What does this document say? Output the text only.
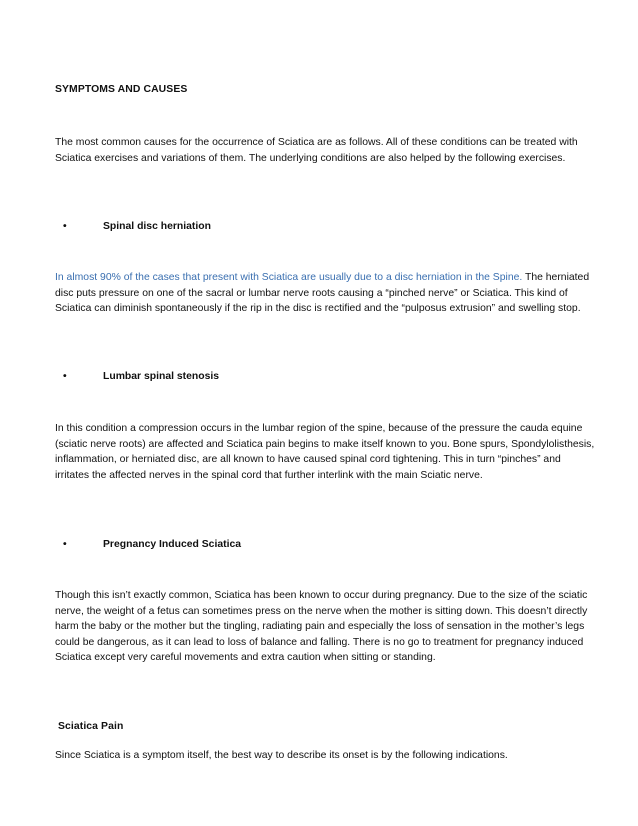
SYMPTOMS AND CAUSES

The most common causes for the occurrence of Sciatica are as follows. All of these conditions can be treated with Sciatica exercises and variations of them. The underlying conditions are also helped by the following exercises.

•	Spinal disc herniation

In almost 90% of the cases that present with Sciatica are usually due to a disc herniation in the Spine. The herniated disc puts pressure on one of the sacral or lumbar nerve roots causing a “pinched nerve” or Sciatica. This kind of Sciatica can diminish spontaneously if the rip in the disc is rectified and the “pulposus extrusion” and swelling stop.

•	Lumbar spinal stenosis

In this condition a compression occurs in the lumbar region of the spine, because of the pressure the cauda equine (sciatic nerve roots) are affected and Sciatica pain begins to make itself known to you. Bone spurs, Spondylolisthesis, inflammation, or herniated disc, are all known to have caused spinal cord tightening. This in turn “pinches” and irritates the affected nerves in the spinal cord that further interlink with the main Sciatic nerve.

•	Pregnancy Induced Sciatica

Though this isn’t exactly common, Sciatica has been known to occur during pregnancy. Due to the size of the sciatic nerve, the weight of a fetus can sometimes press on the nerve when the mother is sitting down. This doesn’t directly harm the baby or the mother but the tingling, radiating pain and especially the loss of sensation in the mother’s legs could be dangerous, as it can lead to loss of balance and falling. There is no go to treatment for pregnancy induced Sciatica except very careful movements and extra caution when sitting or standing.

Sciatica Pain

Since Sciatica is a symptom itself, the best way to describe its onset is by the following indications.
